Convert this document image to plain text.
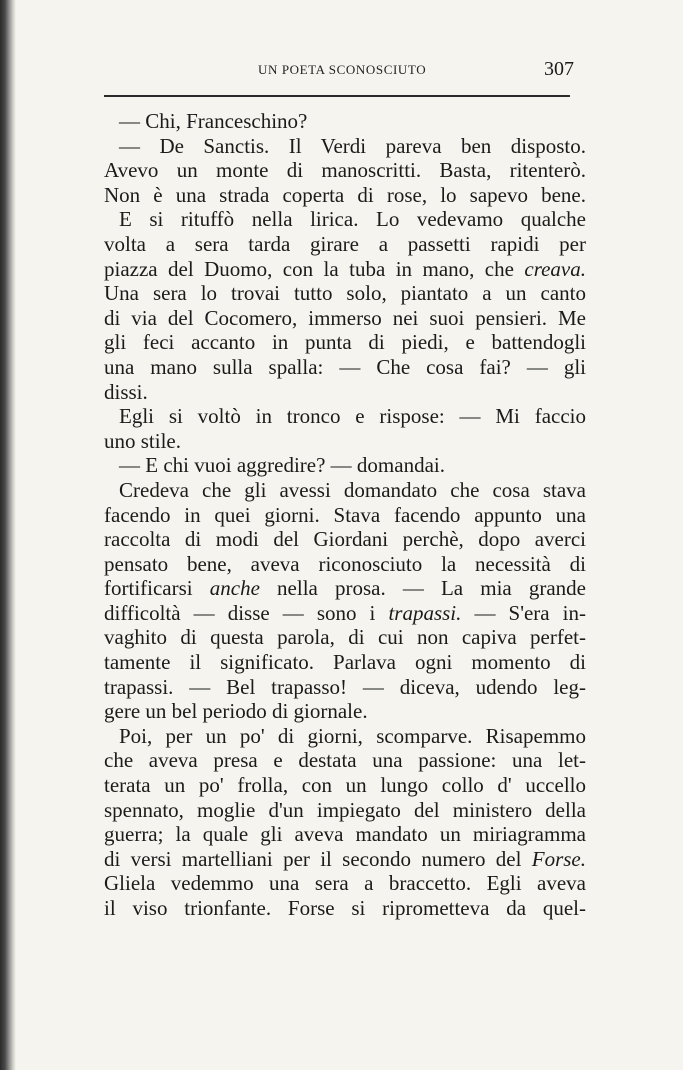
UN POETA SCONOSCIUTO	307
— Chi, Franceschino?
— De Sanctis. Il Verdi pareva ben disposto.
Avevo un monte di manoscritti. Basta, ritenterò.
Non è una strada coperta di rose, lo sapevo bene.
E si rituffò nella lirica. Lo vedevamo qualche
volta a sera tarda girare a passetti rapidi per
piazza del Duomo, con la tuba in mano, che creava.
Una sera lo trovai tutto solo, piantato a un canto
di via del Cocomero, immerso nei suoi pensieri. Me
gli feci accanto in punta di piedi, e battendogli
una mano sulla spalla: — Che cosa fai? — gli
dissi.
Egli si voltò in tronco e rispose: — Mi faccio
uno stile.
— E chi vuoi aggredire? — domandai.
Credeva che gli avessi domandato che cosa stava
facendo in quei giorni. Stava facendo appunto una
raccolta di modi del Giordani perchè, dopo averci
pensato bene, aveva riconosciuto la necessità di
fortificarsi anche nella prosa. — La mia grande
difficoltà — disse — sono i trapassi. — S'era in-
vaghito di questa parola, di cui non capiva perfet-
tamente il significato. Parlava ogni momento di
trapassi. — Bel trapasso! — diceva, udendo leg-
gere un bel periodo di giornale.
Poi, per un po' di giorni, scomparve. Risapemmo
che aveva presa e destata una passione: una let-
terata un po' frolla, con un lungo collo d' uccello
spennato, moglie d'un impiegato del ministero della
guerra; la quale gli aveva mandato un miriagramma
di versi martelliani per il secondo numero del Forse.
Gliela vedemmo una sera a braccetto. Egli aveva
il viso trionfante. Forse si riprometteva da quel-
